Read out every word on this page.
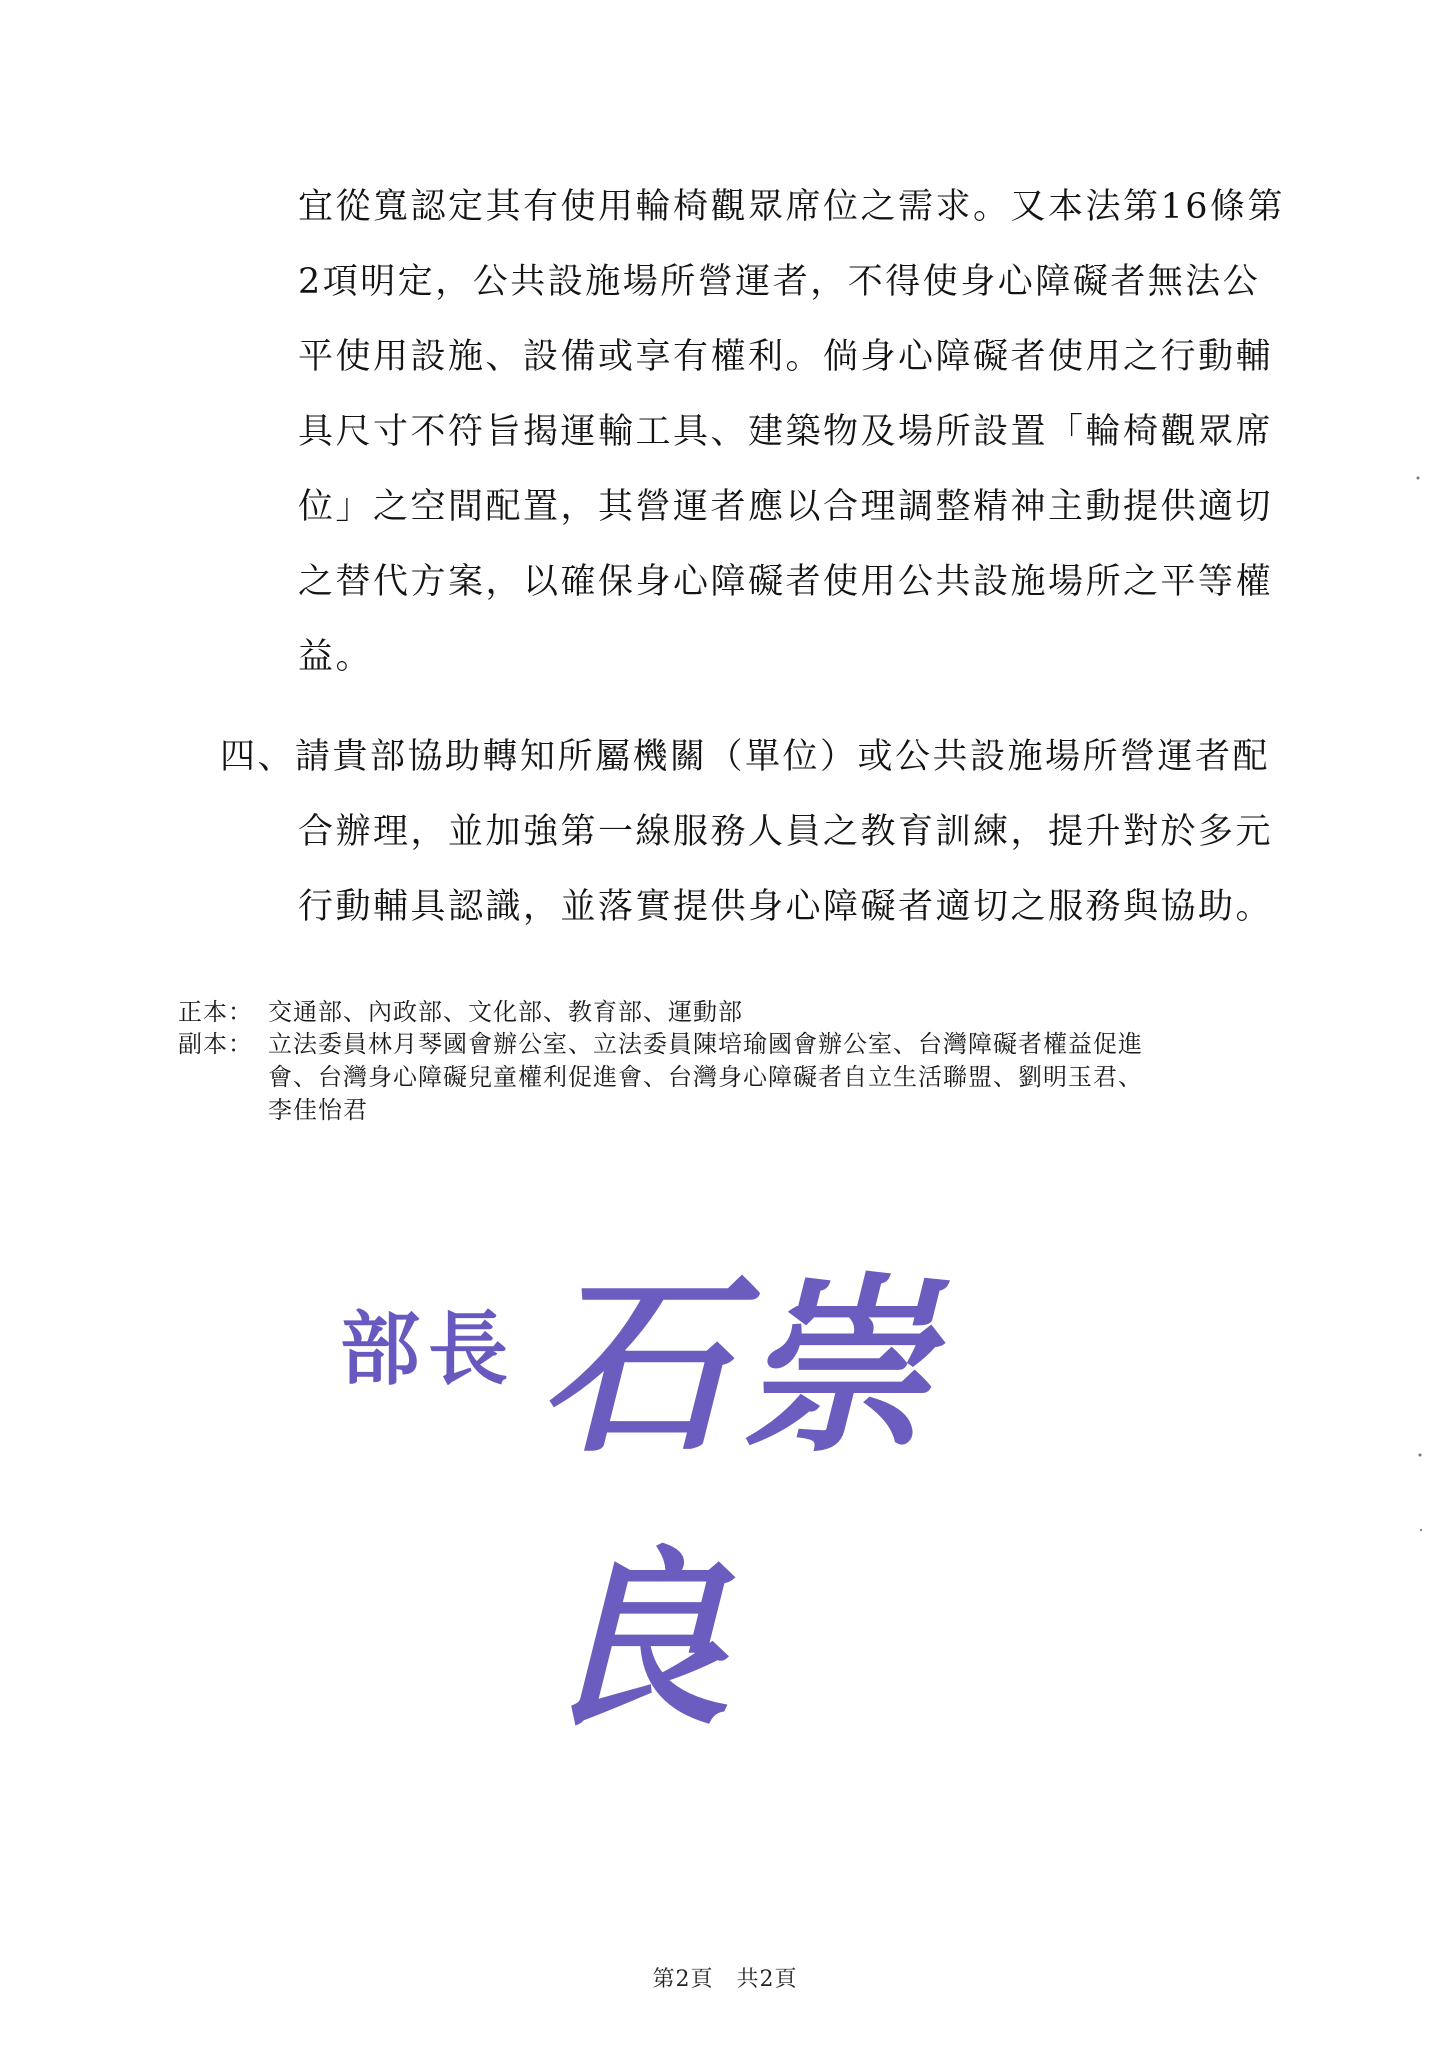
宜從寬認定其有使用輪椅觀眾席位之需求。又本法第16條第
2項明定，公共設施場所營運者，不得使身心障礙者無法公
平使用設施、設備或享有權利。倘身心障礙者使用之行動輔
具尺寸不符旨揭運輸工具、建築物及場所設置「輪椅觀眾席
位」之空間配置，其營運者應以合理調整精神主動提供適切
之替代方案，以確保身心障礙者使用公共設施場所之平等權
益。
四、請貴部協助轉知所屬機關（單位）或公共設施場所營運者配
合辦理，並加強第一線服務人員之教育訓練，提升對於多元
行動輔具認識，並落實提供身心障礙者適切之服務與協助。
正本： 交通部、內政部、文化部、教育部、運動部
副本： 立法委員林月琴國會辦公室、立法委員陳培瑜國會辦公室、台灣障礙者權益促進
會、台灣身心障礙兒童權利促進會、台灣身心障礙者自立生活聯盟、劉明玉君、
李佳怡君
部長 石崇良
第2頁　共2頁
